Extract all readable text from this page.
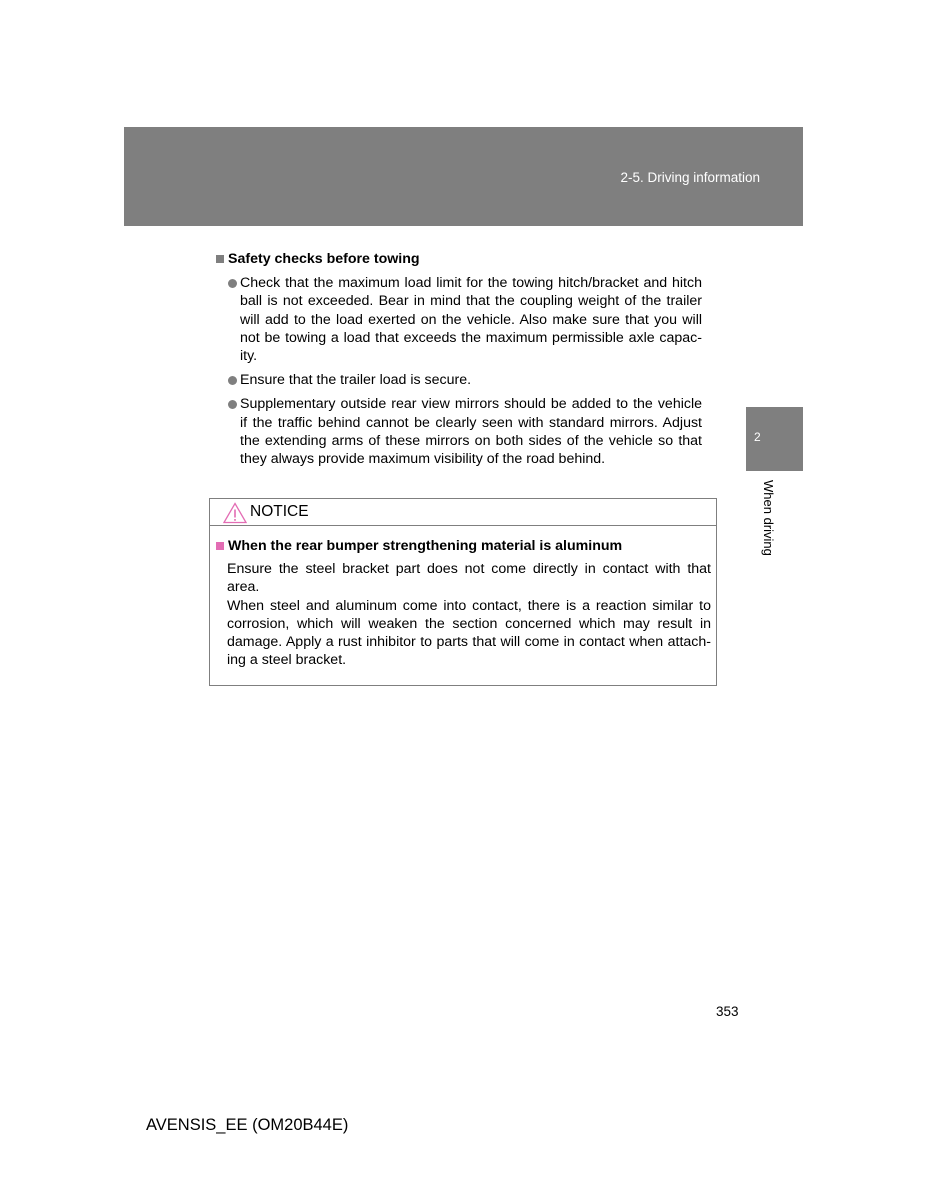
2-5. Driving information
2
When driving
Safety checks before towing
Check that the maximum load limit for the towing hitch/bracket and hitch ball is not exceeded. Bear in mind that the coupling weight of the trailer will add to the load exerted on the vehicle. Also make sure that you will not be towing a load that exceeds the maximum permissible axle capac-ity.
Ensure that the trailer load is secure.
Supplementary outside rear view mirrors should be added to the vehicle if the traffic behind cannot be clearly seen with standard mirrors. Adjust the extending arms of these mirrors on both sides of the vehicle so that they always provide maximum visibility of the road behind.
NOTICE
When the rear bumper strengthening material is aluminum
Ensure the steel bracket part does not come directly in contact with that area.
When steel and aluminum come into contact, there is a reaction similar to corrosion, which will weaken the section concerned which may result in damage. Apply a rust inhibitor to parts that will come in contact when attach-ing a steel bracket.
353
AVENSIS_EE (OM20B44E)
